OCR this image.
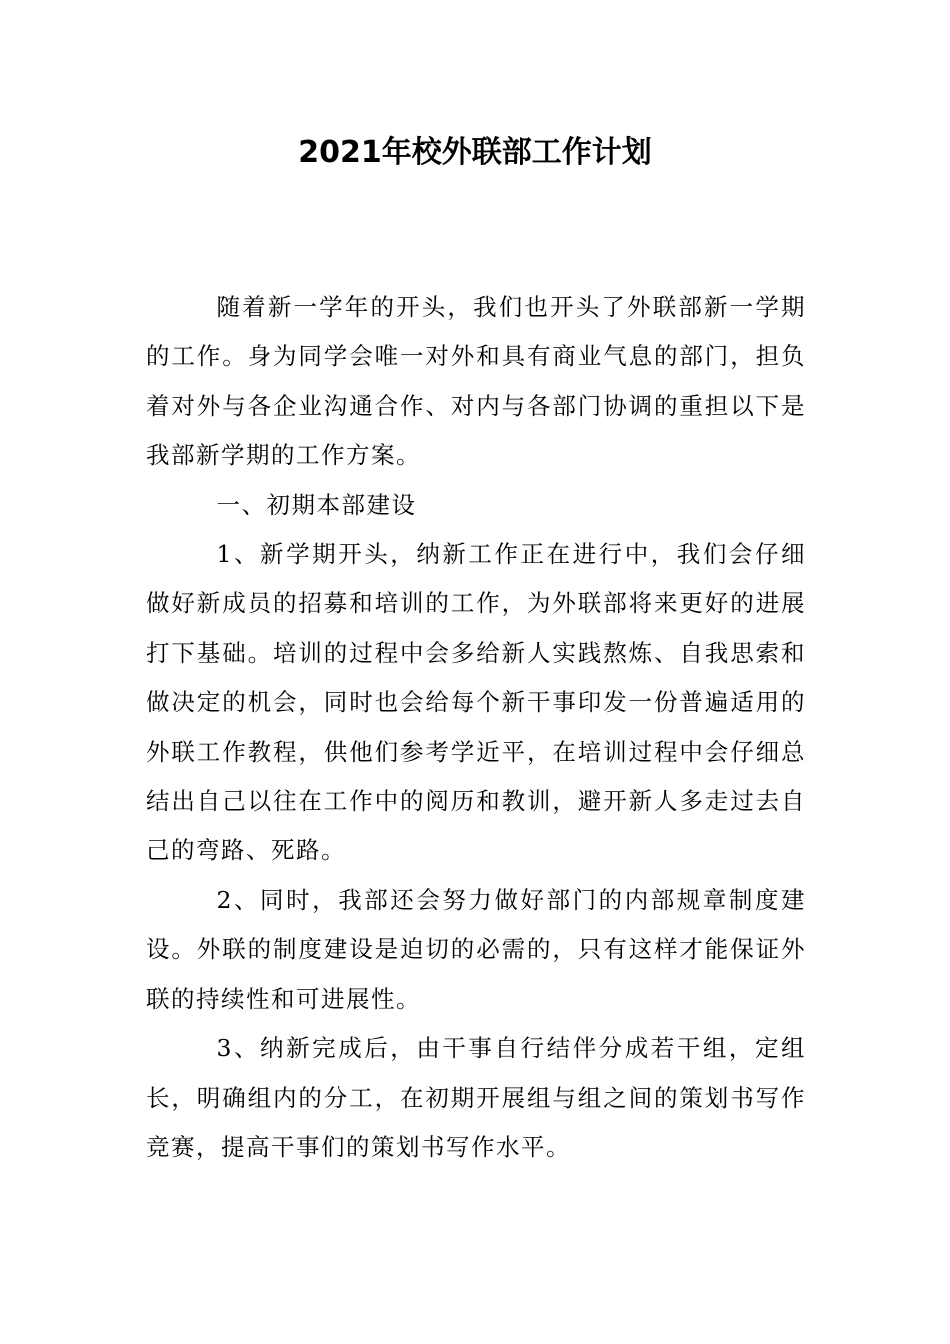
2021年校外联部工作计划

随着新一学年的开头，我们也开头了外联部新一学期的工作。身为同学会唯一对外和具有商业气息的部门，担负着对外与各企业沟通合作、对内与各部门协调的重担以下是我部新学期的工作方案。

一、初期本部建设

1、新学期开头，纳新工作正在进行中，我们会仔细做好新成员的招募和培训的工作，为外联部将来更好的进展打下基础。培训的过程中会多给新人实践熬炼、自我思索和做决定的机会，同时也会给每个新干事印发一份普遍适用的外联工作教程，供他们参考学近平，在培训过程中会仔细总结出自己以往在工作中的阅历和教训，避开新人多走过去自己的弯路、死路。

2、同时，我部还会努力做好部门的内部规章制度建设。外联的制度建设是迫切的必需的，只有这样才能保证外联的持续性和可进展性。

3、纳新完成后，由干事自行结伴分成若干组，定组长，明确组内的分工，在初期开展组与组之间的策划书写作竞赛，提高干事们的策划书写作水平。
